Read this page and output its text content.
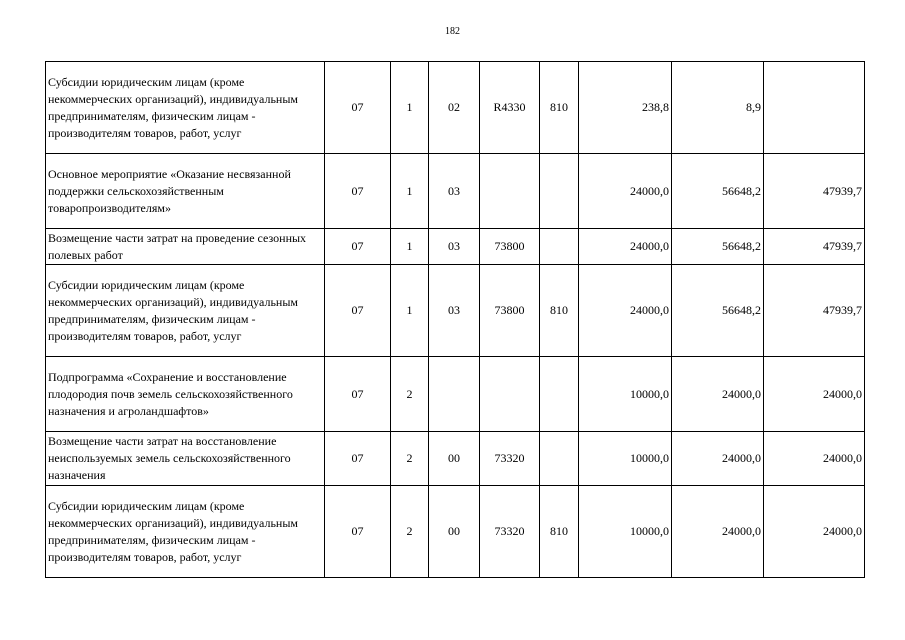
182
Субсидии юридическим лицам (кроме некоммерческих организаций), индивидуальным предпринимателям, физическим лицам - производителям товаров, работ, услуг	07	1	02	R4330	810	238,8	8,9	
Основное мероприятие «Оказание несвязанной поддержки сельскохозяйственным товаропроизводителям»	07	1	03			24000,0	56648,2	47939,7
Возмещение части затрат на проведение сезонных полевых работ	07	1	03	73800		24000,0	56648,2	47939,7
Субсидии юридическим лицам (кроме некоммерческих организаций), индивидуальным предпринимателям, физическим лицам - производителям товаров, работ, услуг	07	1	03	73800	810	24000,0	56648,2	47939,7
Подпрограмма «Сохранение и восстановление плодородия почв земель сельскохозяйственного назначения и агроландшафтов»	07	2				10000,0	24000,0	24000,0
Возмещение части затрат на восстановление неиспользуемых земель сельскохозяйственного назначения	07	2	00	73320		10000,0	24000,0	24000,0
Субсидии юридическим лицам (кроме некоммерческих организаций), индивидуальным предпринимателям, физическим лицам - производителям товаров, работ, услуг	07	2	00	73320	810	10000,0	24000,0	24000,0
